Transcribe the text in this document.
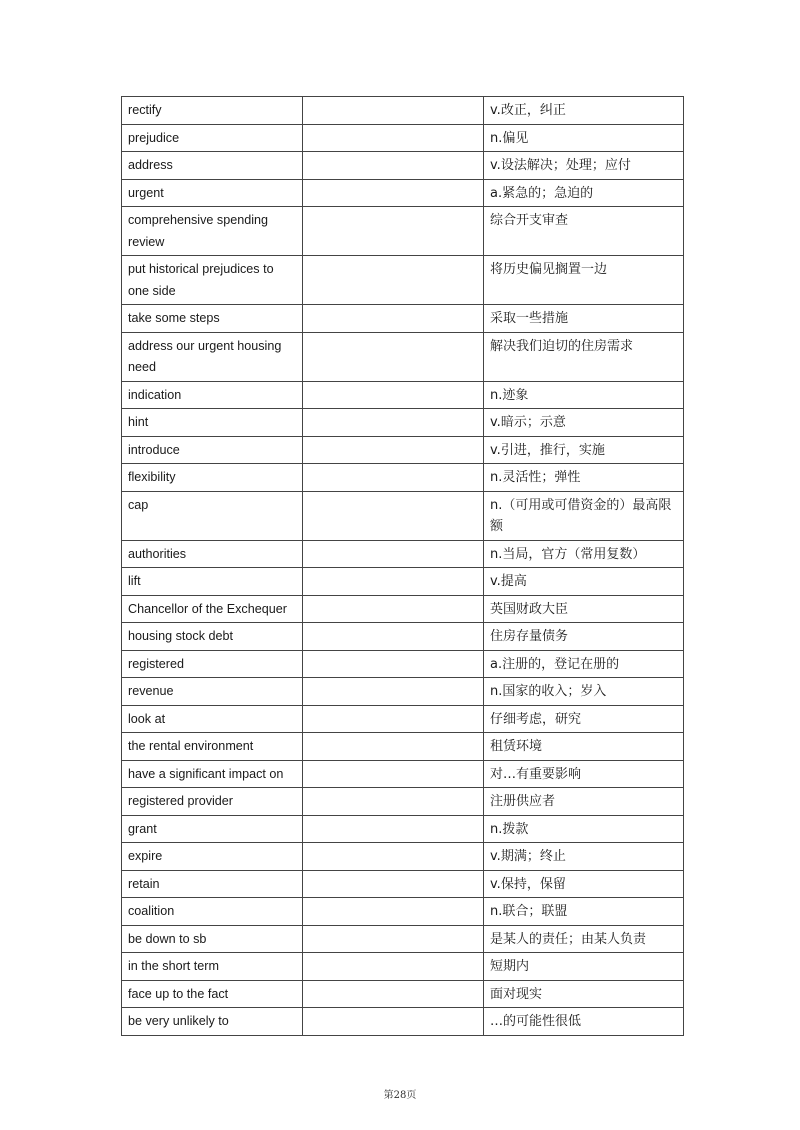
rectify		v.改正，纠正
prejudice		n.偏见
address		v.设法解决；处理；应付
urgent		a.紧急的；急迫的
comprehensive spending review		综合开支审查
put historical prejudices to one side		将历史偏见搁置一边
take some steps		采取一些措施
address our urgent housing need		解决我们迫切的住房需求
indication		n.迹象
hint		v.暗示；示意
introduce		v.引进，推行，实施
flexibility		n.灵活性；弹性
cap		n.（可用或可借资金的）最高限额
authorities		n.当局，官方（常用复数）
lift		v.提高
Chancellor of the Exchequer		英国财政大臣
housing stock debt		住房存量债务
registered		a.注册的，登记在册的
revenue		n.国家的收入；岁入
look at		仔细考虑，研究
the rental environment		租赁环境
have a significant impact on		对…有重要影响
registered provider		注册供应者
grant		n.拨款
expire		v.期满；终止
retain		v.保持，保留
coalition		n.联合；联盟
be down to sb		是某人的责任；由某人负责
in the short term		短期内
face up to the fact		面对现实
be very unlikely to		…的可能性很低
第28页
